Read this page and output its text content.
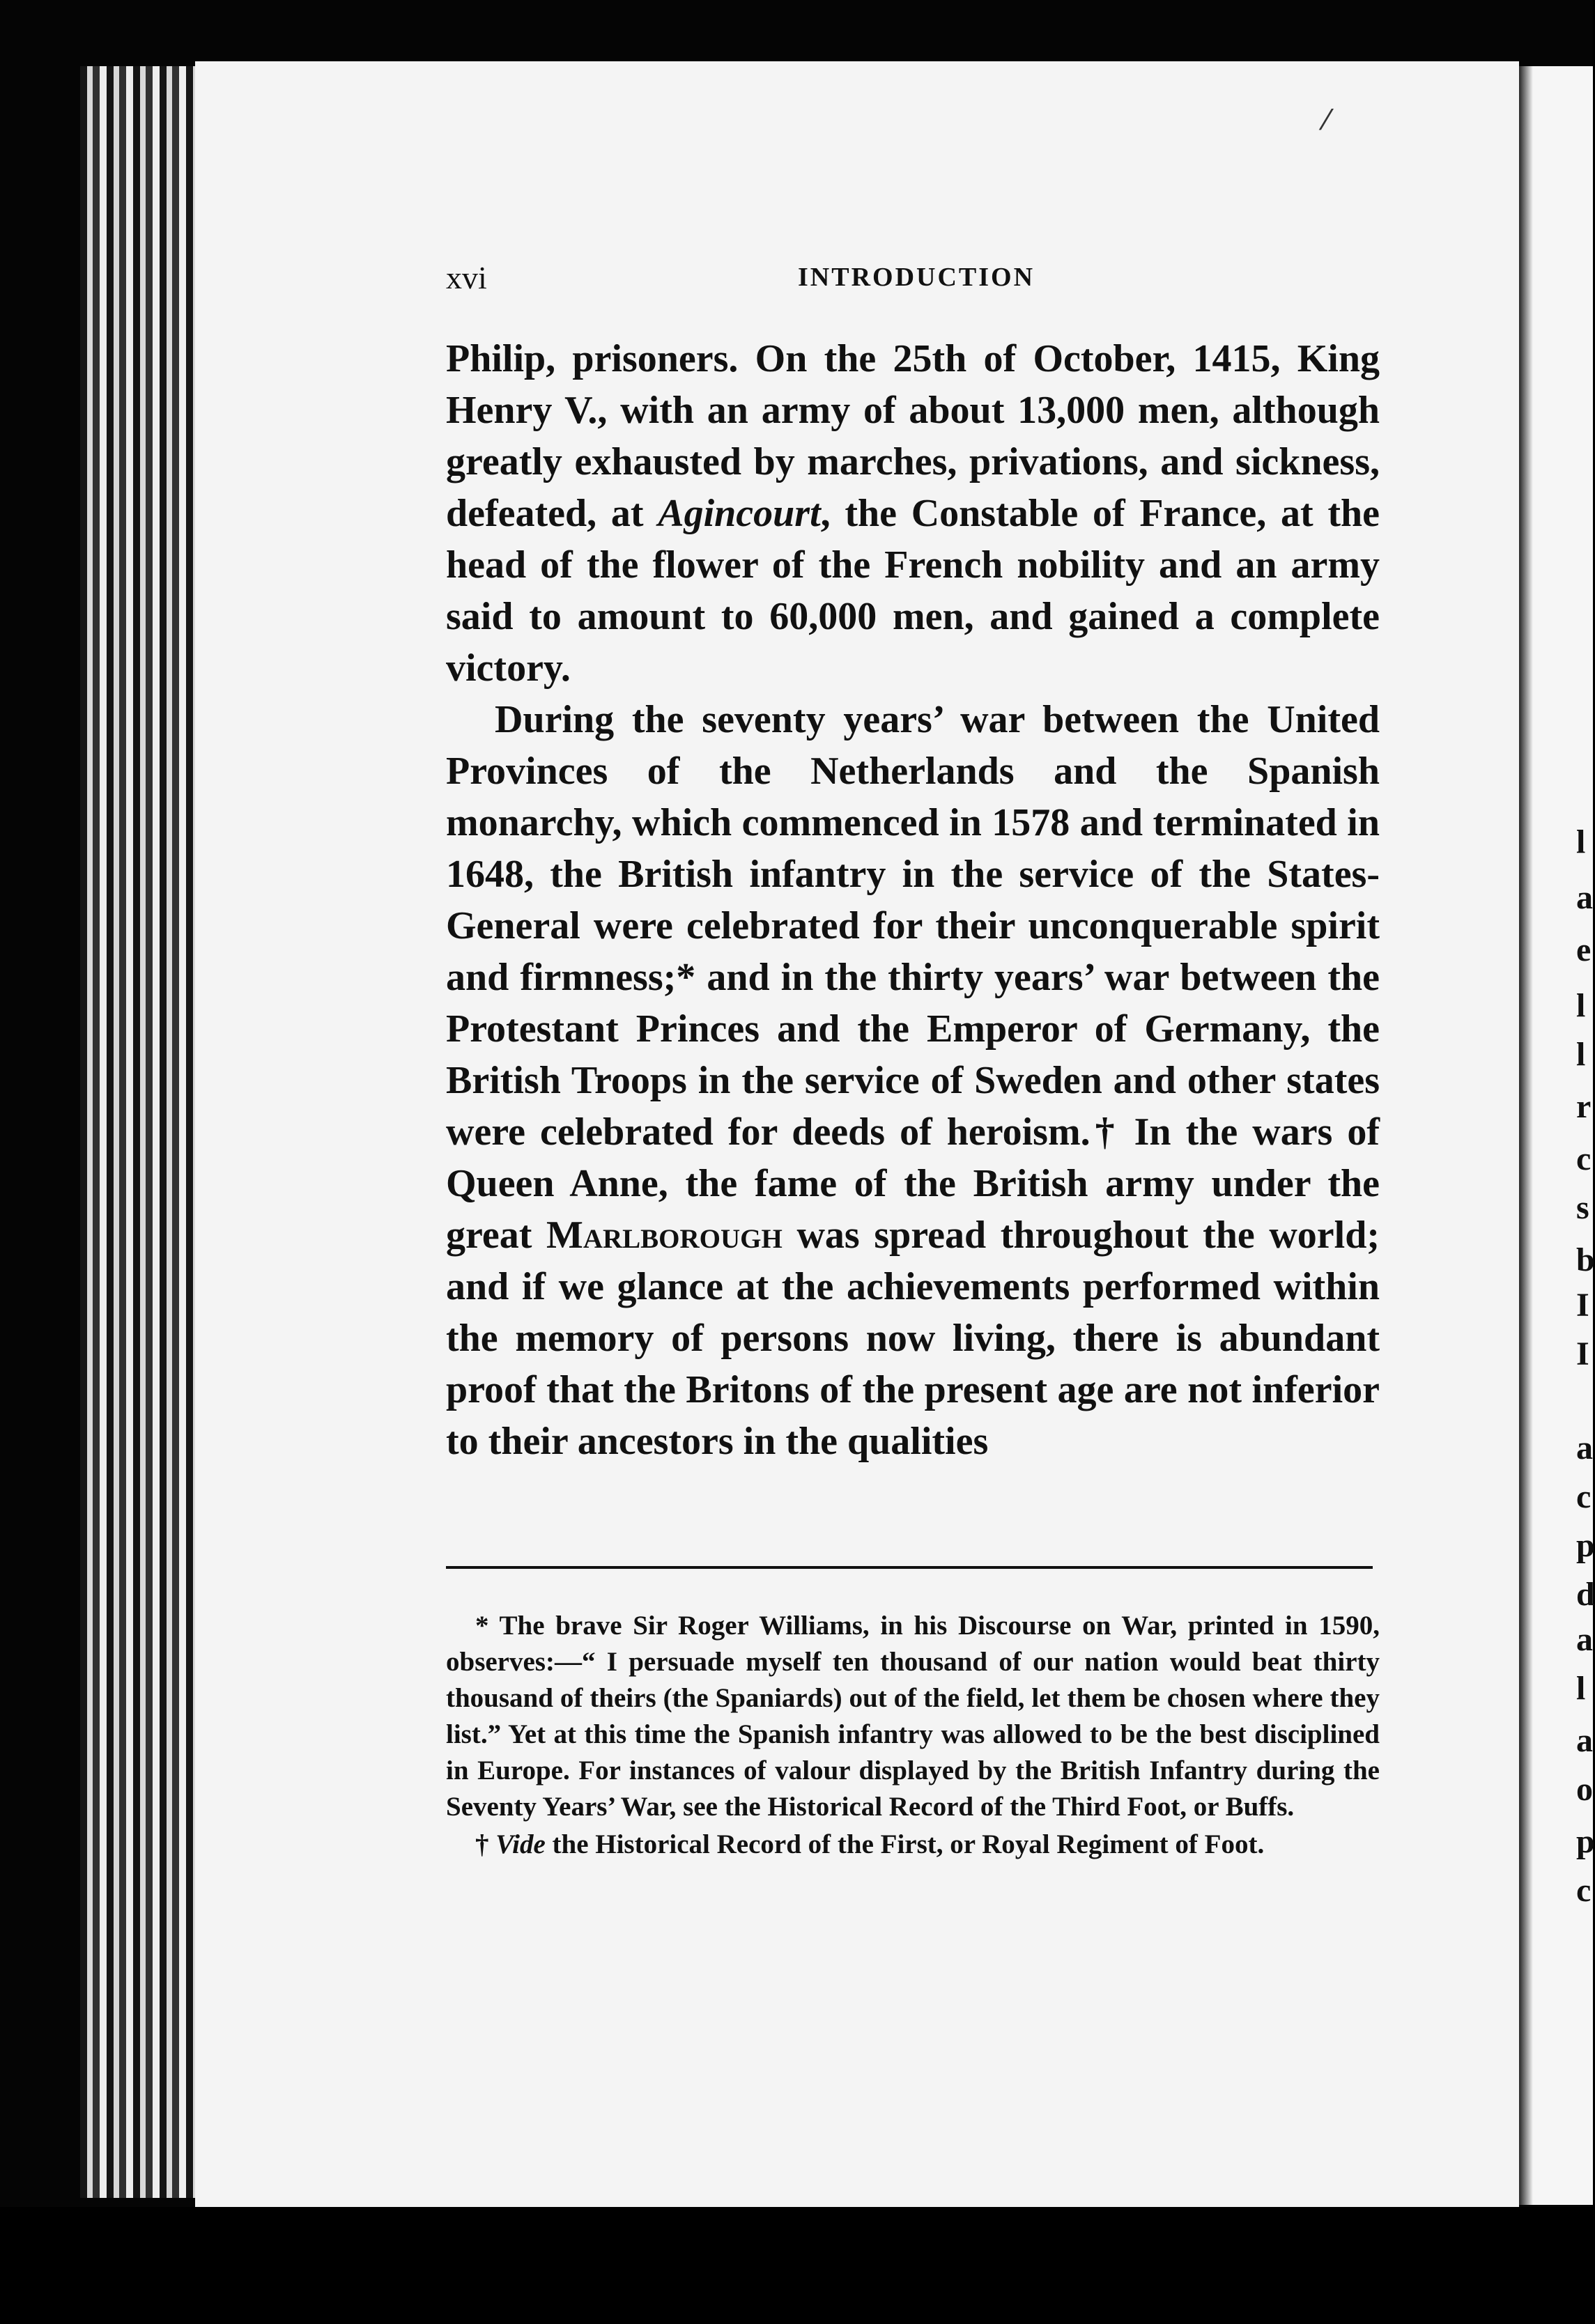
l
a
e
l
l
r
c
s
b
I
I
a
c
p
d
a
l
a
o
p
c
⁄
xvi	INTRODUCTION

Philip, prisoners. On the 25th of October, 1415, King Henry V., with an army of about 13,000 men, although greatly exhausted by marches, privations, and sickness, defeated, at Agincourt, the Constable of France, at the head of the flower of the French nobility and an army said to amount to 60,000 men, and gained a complete victory.

During the seventy years’ war between the United Provinces of the Netherlands and the Spanish monarchy, which commenced in 1578 and terminated in 1648, the British infantry in the service of the States-General were celebrated for their unconquerable spirit and firmness;* and in the thirty years’ war between the Protestant Princes and the Emperor of Germany, the British Troops in the service of Sweden and other states were celebrated for deeds of heroism.† In the wars of Queen Anne, the fame of the British army under the great Marlborough was spread throughout the world; and if we glance at the achievements performed within the memory of persons now living, there is abundant proof that the Britons of the present age are not inferior to their ancestors in the qualities

* The brave Sir Roger Williams, in his Discourse on War, printed in 1590, observes:—“ I persuade myself ten thousand of our nation would beat thirty thousand of theirs (the Spaniards) out of the field, let them be chosen where they list.” Yet at this time the Spanish infantry was allowed to be the best disciplined in Europe. For instances of valour displayed by the British Infantry during the Seventy Years’ War, see the Historical Record of the Third Foot, or Buffs.

† Vide the Historical Record of the First, or Royal Regiment of Foot.
